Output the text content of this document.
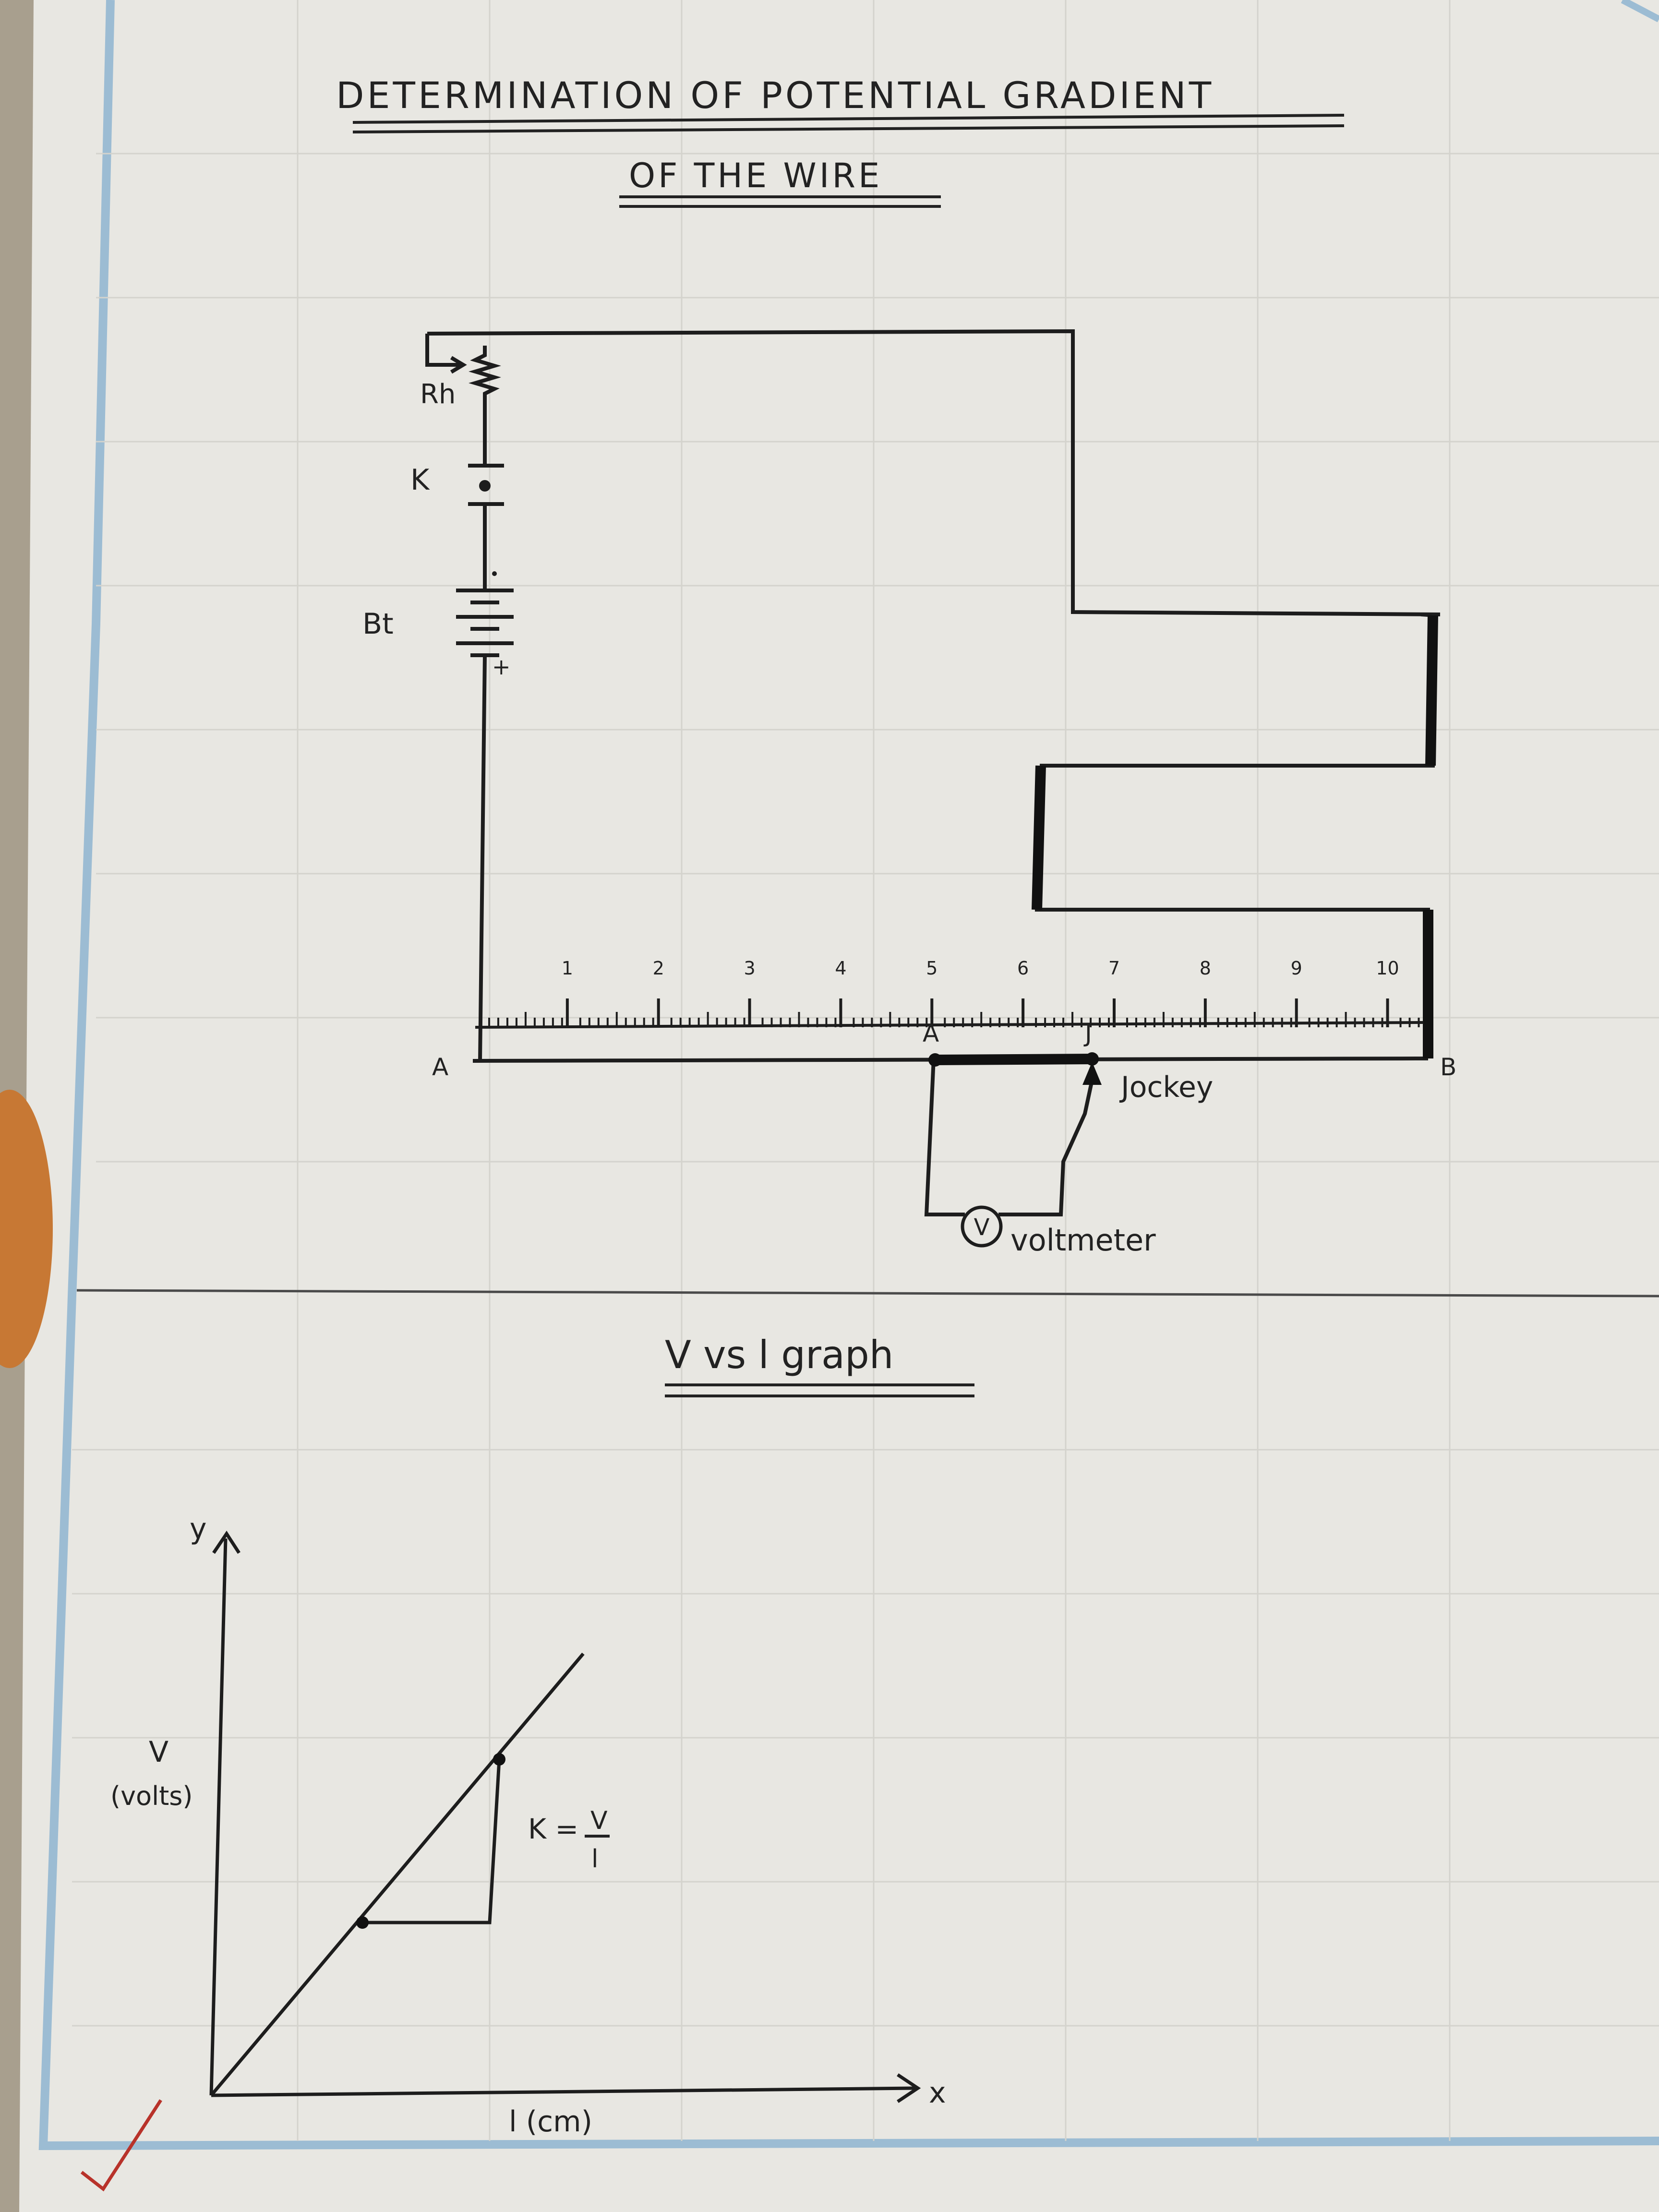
DETERMINATION OF POTENTIAL GRADIENT
OF THE WIRE
V
1	2	3	4	5	6	7	8	9	10
Rh
K
Bt
+
A	B
A	J
Jockey
voltmeter
V vs l graph
y
x
V
(volts)
l (cm)
K = V
l
